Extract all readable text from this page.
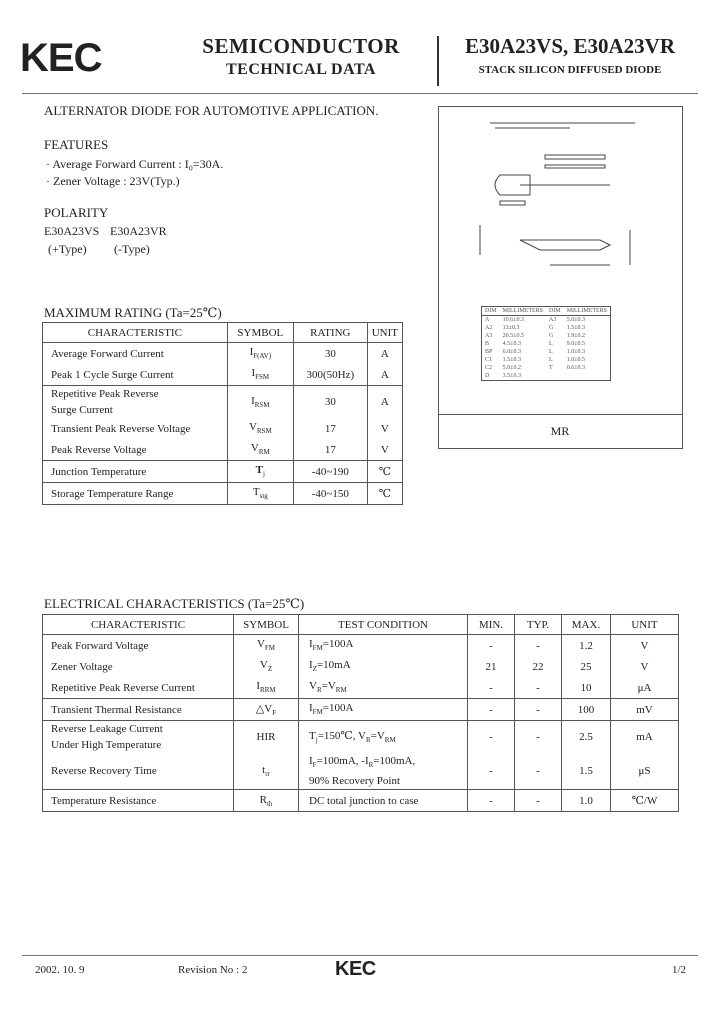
KEC	SEMICONDUCTOR
TECHNICAL DATA
E30A23VS, E30A23VR
STACK SILICON DIFFUSED DIODE
ALTERNATOR DIODE FOR AUTOMOTIVE APPLICATION.
FEATURES
· Average Forward Current : I₀=30A.
· Zener Voltage : 23V(Typ.)
POLARITY
E30A23VS E30A23VR
(+Type) (-Type)
DIM	MILLIMETERS	DIM	MILLIMETERS
A	10.6±0.3	A3	5.0±0.3
A2	13±0.3	G	1.5±0.3
A3	20.5±0.5	G	1.9±0.2
B	4.5±0.3	L	9.0±0.5
BP	6.0±0.3	L	1.0±0.3
C1	1.5±0.3	L	1.0±0.5
C2	5.0±0.2	T	0.6±0.3
D	3.5±0.3		
MR
MAXIMUM RATING (Ta=25℃)
CHARACTERISTIC	SYMBOL	RATING	UNIT
Average Forward Current	$I_{F(AV)}$	30	A
Peak 1 Cycle Surge Current	$I_{FSM}$	300(50Hz)	A
Repetitive Peak Reverse
Surge Current	$I_{RSM}$	30	A
Transient Peak Reverse Voltage	$V_{RSM}$	17	V
Peak Reverse Voltage	$V_{RM}$	17	V
Junction Temperature	$T_j$	-40~190	℃
Storage Temperature Range	$T_{stg}$	-40~150	℃
ELECTRICAL CHARACTERISTICS (Ta=25℃)
CHARACTERISTIC	SYMBOL	TEST CONDITION	MIN.	TYP.	MAX.	UNIT
Peak Forward Voltage	$V_{FM}$	$I_{FM}=100A$	-	-	1.2	V
Zener Voltage	$V_Z$	$I_Z=10mA$	21	22	25	V
Repetitive Peak Reverse Current	$I_{RRM}$	$V_R=V_{RM}$	-	-	10	μA
Transient Thermal Resistance	$\triangle V_F$	$I_{FM}=100A$	-	-	100	mV
Reverse Leakage Current
Under High Temperature	HIR	$T_j=150℃$, $V_R=V_{RM}$	-	-	2.5	mA
Reverse Recovery Time	$t_{rr}$	$I_F=100mA$, $-I_R=100mA$,
90% Recovery Point	-	-	1.5	μS
Temperature Resistance	$R_{th}$	DC total junction to case	-	-	1.0	℃/W
2002. 10. 9	Revision No : 2	KEC	1/2
